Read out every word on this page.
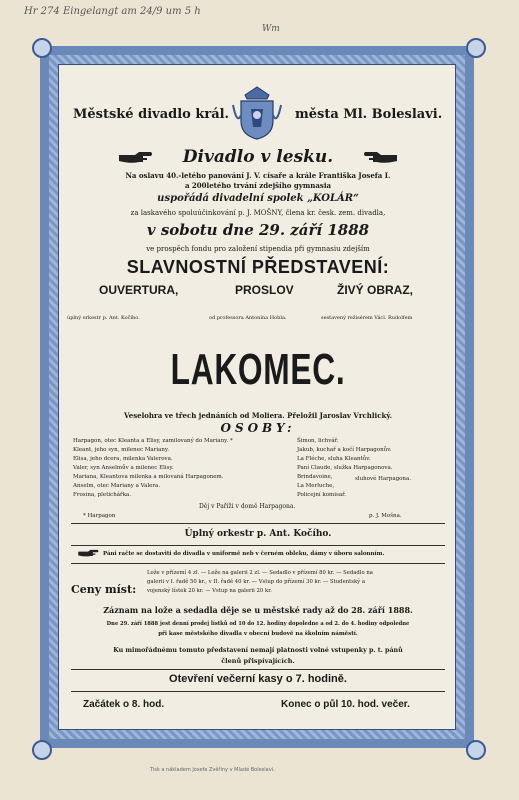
Hr 274 Eingelangt am 24/9 um 5 h
Wm
Městské divadlo král.	města Ml. Boleslavi.
Divadlo v lesku.
Na oslavu 40.-letého panování J. V. císaře a krále Františka Josefa I.
a 200letého trvání zdejšího gymnasia
uspořádá divadelní spolek „KOLÁR“
za laskavého spoluúčinkování p. J. MOŠNY, člena kr. česk. zem. divadla,
v sobotu dne 29. září 1888
ve prospěch fondu pro založení stipendia při gymnasiu zdejším
SLAVNOSTNÍ PŘEDSTAVENÍ:
OUVERTURA,	PROSLOV	ŽIVÝ OBRAZ,
úplný orkestr p. Ant. Kočího.	od professora Antonína Hobla.	sestavený režisérem Václ. Rudolfem
LAKOMEC.
Veselohra ve třech jednáních od Moliera. Přeložil Jaroslav Vrchlický.
OSOBY:
Harpagon, otec Kleanta a Elisy, zamilovaný do Mariany. *
Kleant, jeho syn, milenec Mariany.
Elisa, jeho dcera, milenka Valerova.
Valer, syn Anselmův a milenec Elisy.
Mariana, Kleantova milenka a milovaná Harpagonem.
Anselm, otec Mariany a Valera.
Frosina, pletichářka.
Šimon, lichvář.
Jakub, kuchař a kočí Harpagonův.
La Fléche, sluha Kleantův.
Paní Claude, služka Harpagonova.
Brindavoine,
La Merluche,
Policejní komisař.
sluhové Harpagona.
Děj v Paříži v domě Harpagona.
* Harpagon	p. J. Mošna.
Úplný orkestr p. Ant. Kočího.
Páni račte se dostaviti do divadla v uniformě neb v černém obleku, dámy v úboru salonním.
Ceny míst:
Lože v přízemí 4 zl. — Lože na galerii 2 zl. — Sedadlo v přízemí 80 kr. — Sedadlo na
galerii v I. řadě 50 kr., v II. řadě 40 kr. — Vstup do přízemí 30 kr. — Studentský a
vojenský lístek 20 kr. — Vstup na galerii 20 kr.
Záznam na lože a sedadla děje se u městské rady až do 28. září 1888.
Dne 29. září 1888 jest denní prodej lístků od 10 do 12. hodiny dopoledne a od 2. do 4. hodiny odpoledne
při kase městského divadla v obecní budově na školním náměstí.
Ku mimořádnému tomuto představení nemají platnosti volné vstupenky p. t. pánů
členů přispívajících.
Otevření večerní kasy o 7. hodině.
Začátek o 8. hod.	Konec o půl 10. hod. večer.
Tisk a nákladem Josefa Zvěřiny v Mladé Boleslavi.
